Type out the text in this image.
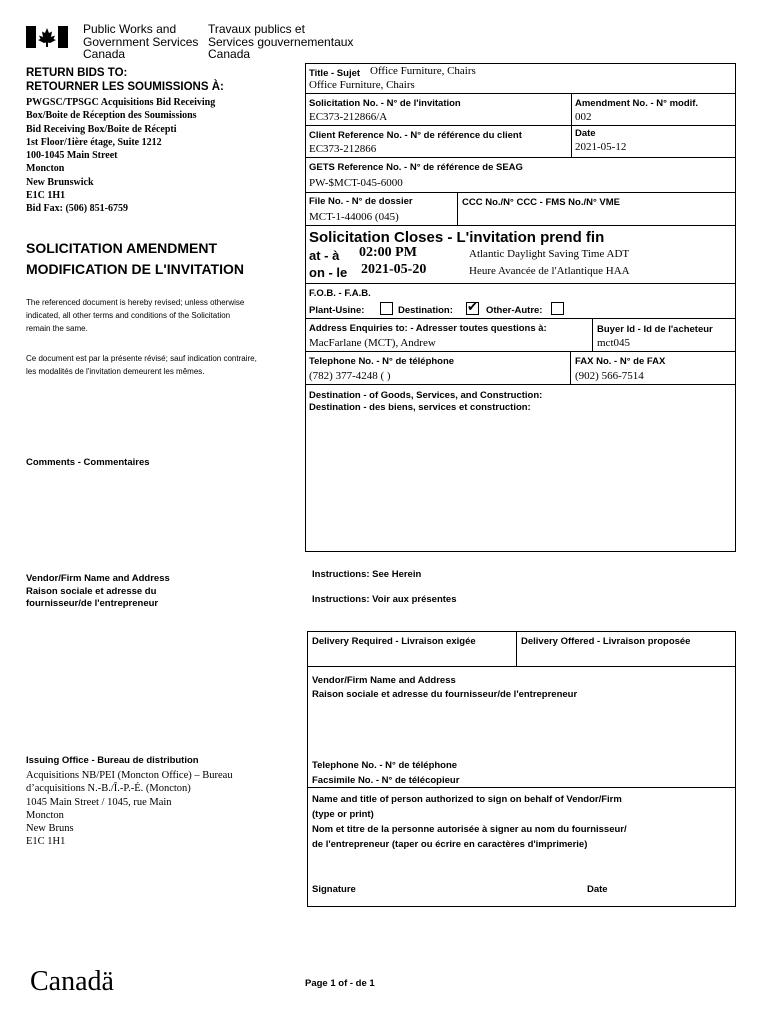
Public Works and
Government Services
Canada
Travaux publics et
Services gouvernementaux
Canada
RETURN BIDS TO:
RETOURNER LES SOUMISSIONS À:
PWGSC/TPSGC Acquisitions Bid Receiving
Box/Boite de Réception des Soumissions
Bid Receiving Box/Boite de Récepti
1st Floor/1ière étage, Suite 1212
100-1045 Main Street
Moncton
New Brunswick
E1C 1H1
Bid Fax: (506) 851-6759
SOLICITATION AMENDMENT
MODIFICATION DE L'INVITATION
The referenced document is hereby revised; unless otherwise
indicated, all other terms and conditions of the Solicitation
remain the same.
Ce document est par la présente révisé; sauf indication contraire,
les modalités de l'invitation demeurent les mêmes.
Comments - Commentaires
Vendor/Firm Name and Address
Raison sociale et adresse du
fournisseur/de l'entrepreneur
Issuing Office - Bureau de distribution
Acquisitions NB/PEI (Moncton Office) – Bureau
d’acquisitions N.-B./Î.-P.-É. (Moncton)
1045 Main Street / 1045, rue Main
Moncton
New Bruns
E1C 1H1
Title - Sujet Office Furniture, Chairs
Office Furniture, Chairs
Solicitation No. - N° de l'invitation
EC373-212866/A
Amendment No. - N° modif.
002
Client Reference No. - N° de référence du client
EC373-212866
Date
2021-05-12
GETS Reference No. - N° de référence de SEAG
PW-$MCT-045-6000
File No. - N° de dossier
MCT-1-44006 (045)
CCC No./N° CCC - FMS No./N° VME
Solicitation Closes - L'invitation prend fin
at - à 02:00 PM
on - le 2021-05-20
Atlantic Daylight Saving Time ADT
Heure Avancée de l'Atlantique HAA
F.O.B. - F.A.B.
Plant-Usine:	Destination: ✔ Other-Autre:
Address Enquiries to: - Adresser toutes questions à:
MacFarlane (MCT), Andrew
Buyer Id - Id de l'acheteur
mct045
Telephone No. - N° de téléphone
(782) 377-4248 ( )
FAX No. - N° de FAX
(902) 566-7514
Destination - of Goods, Services, and Construction:
Destination - des biens, services et construction:
Instructions: See Herein
Instructions: Voir aux présentes
Delivery Required - Livraison exigée	Delivery Offered - Livraison proposée
Vendor/Firm Name and Address
Raison sociale et adresse du fournisseur/de l'entrepreneur
Telephone No. - N° de téléphone
Facsimile No. - N° de télécopieur
Name and title of person authorized to sign on behalf of Vendor/Firm
(type or print)
Nom et titre de la personne autorisée à signer au nom du fournisseur/
de l'entrepreneur (taper ou écrire en caractères d'imprimerie)
Signature	Date
Canadä	Page 1 of - de 1
